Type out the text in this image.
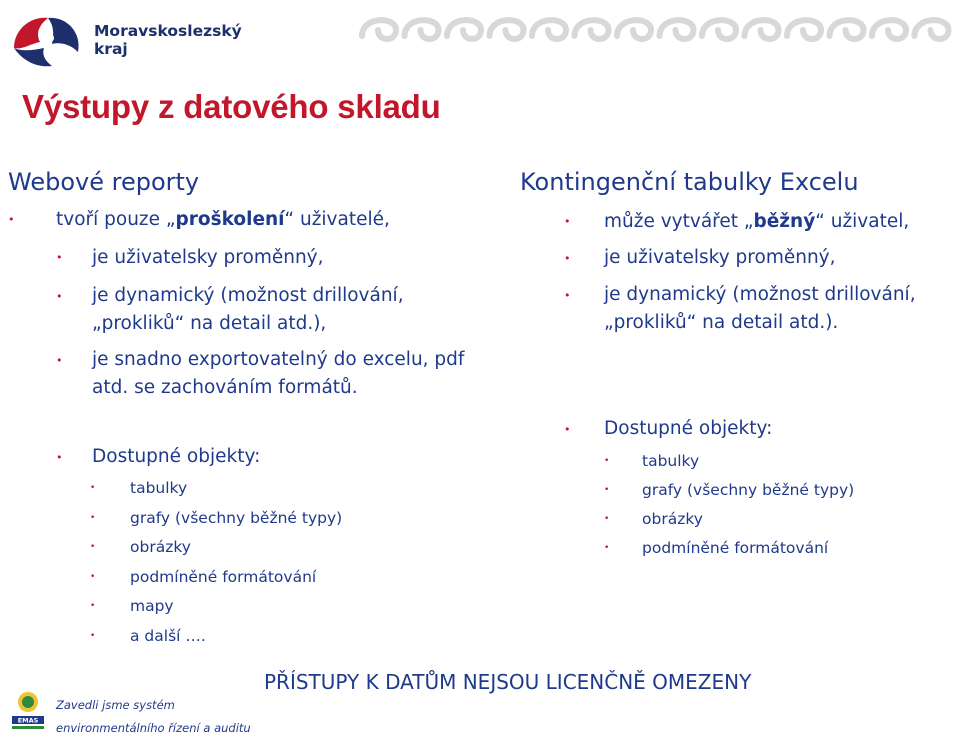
Moravskoslezský
kraj
Výstupy z datového skladu
Webové reporty
• tvoří pouze „proškolení“ uživatelé,
• je uživatelsky proměnný,
• je dynamický (možnost drillování,
„prokliků“ na detail atd.),
• je snadno exportovatelný do excelu, pdf
atd. se zachováním formátů.
• Dostupné objekty:
• tabulky
• grafy (všechny běžné typy)
• obrázky
• podmíněné formátování
• mapy
• a další ….
Kontingenční tabulky Excelu
• může vytvářet „běžný“ uživatel,
• je uživatelsky proměnný,
• je dynamický (možnost drillování,
„prokliků“ na detail atd.).
• Dostupné objekty:
• tabulky
• grafy (všechny běžné typy)
• obrázky
• podmíněné formátování
PŘÍSTUPY K DATŮM NEJSOU LICENČNĚ OMEZENY
EMAS
Zavedli jsme systém
environmentálního řízení a auditu
